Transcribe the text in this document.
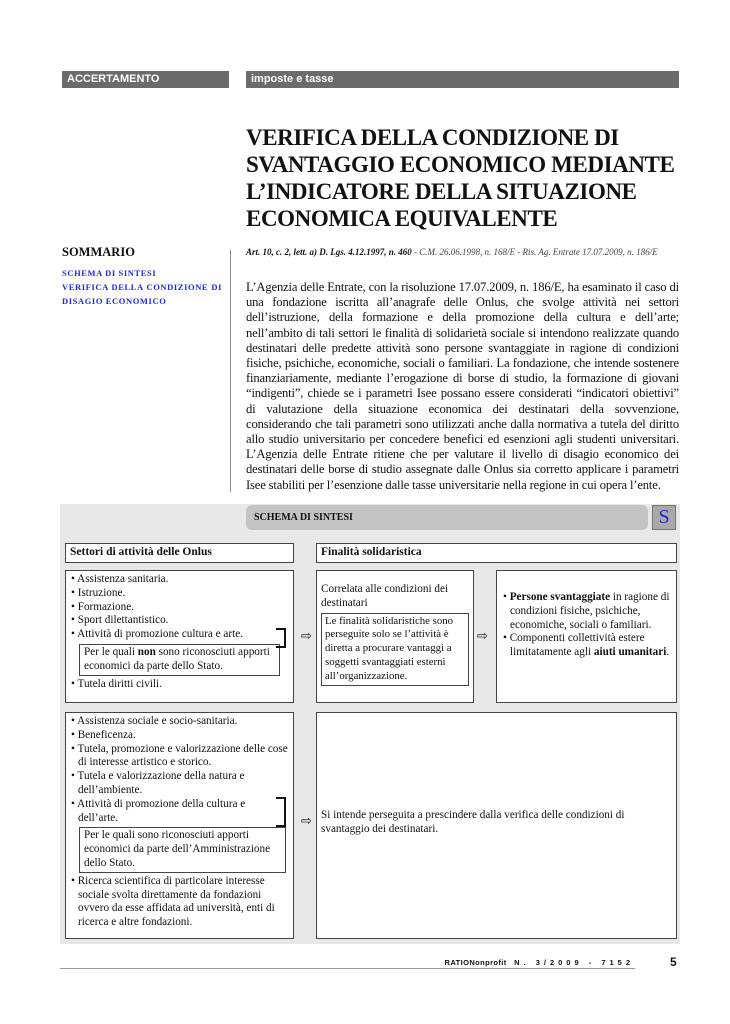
ACCERTAMENTO	imposte e tasse
VERIFICA DELLA CONDIZIONE DI SVANTAGGIO ECONOMICO MEDIANTE L’INDICATORE DELLA SITUAZIONE ECONOMICA EQUIVALENTE
SOMMARIO
SCHEMA DI SINTESI
VERIFICA DELLA CONDIZIONE DI DISAGIO ECONOMICO
Art. 10, c. 2, lett. a) D. Lgs. 4.12.1997, n. 460 - C.M. 26.06.1998, n. 168/E - Ris. Ag. Entrate 17.07.2009, n. 186/E

L’Agenzia delle Entrate, con la risoluzione 17.07.2009, n. 186/E, ha esaminato il caso di una fondazione iscritta all’anagrafe delle Onlus, che svolge attività nei settori dell’istruzione, della formazione e della promozione della cultura e dell’arte; nell’ambito di tali settori le finalità di solidarietà sociale si intendono realizzate quando destinatari delle predette attività sono persone svantaggiate in ragione di condizioni fisiche, psichiche, economiche, sociali o familiari. La fondazione, che intende sostenere finanziariamente, mediante l’erogazione di borse di studio, la formazione di giovani “indigenti”, chiede se i parametri Isee possano essere considerati “indicatori obiettivi” di valutazione della situazione economica dei destinatari della sovvenzione, considerando che tali parametri sono utilizzati anche dalla normativa a tutela del diritto allo studio universitario per concedere benefici ed esenzioni agli studenti universitari. L’Agenzia delle Entrate ritiene che per valutare il livello di disagio economico dei destinatari delle borse di studio assegnate dalle Onlus sia corretto applicare i parametri Isee stabiliti per l’esenzione dalle tasse universitarie nella regione in cui opera l’ente.

SCHEMA DI SINTESI	S
Settori di attività delle Onlus	Finalità solidaristica
• Assistenza sanitaria.
• Istruzione.
• Formazione.
• Sport dilettantistico.
• Attività di promozione cultura e arte.
Per le quali non sono riconosciuti apporti economici da parte dello Stato.
• Tutela diritti civili.
⇨
Correlata alle condizioni dei destinatari
Le finalità solidaristiche sono perseguite solo se l’attività è diretta a procurare vantaggi a soggetti svantaggiati esterni all’organizzazione.
⇨
• Persone svantaggiate in ragione di condizioni fisiche, psichiche, economiche, sociali o familiari.
• Componenti collettività estere limitatamente agli aiuti umanitari.
• Assistenza sociale e socio-sanitaria.
• Beneficenza.
• Tutela, promozione e valorizzazione delle cose di interesse artistico e storico.
• Tutela e valorizzazione della natura e dell’ambiente.
• Attività di promozione della cultura e dell’arte.
Per le quali sono riconosciuti apporti economici da parte dell’Amministrazione dello Stato.
• Ricerca scientifica di particolare interesse sociale svolta direttamente da fondazioni ovvero da esse affidata ad università, enti di ricerca e altre fondazioni.
⇨ Si intende perseguita a prescindere dalla verifica delle condizioni di svantaggio dei destinatari.
RATIONonprofit N. 3/2009 - 7152	5
